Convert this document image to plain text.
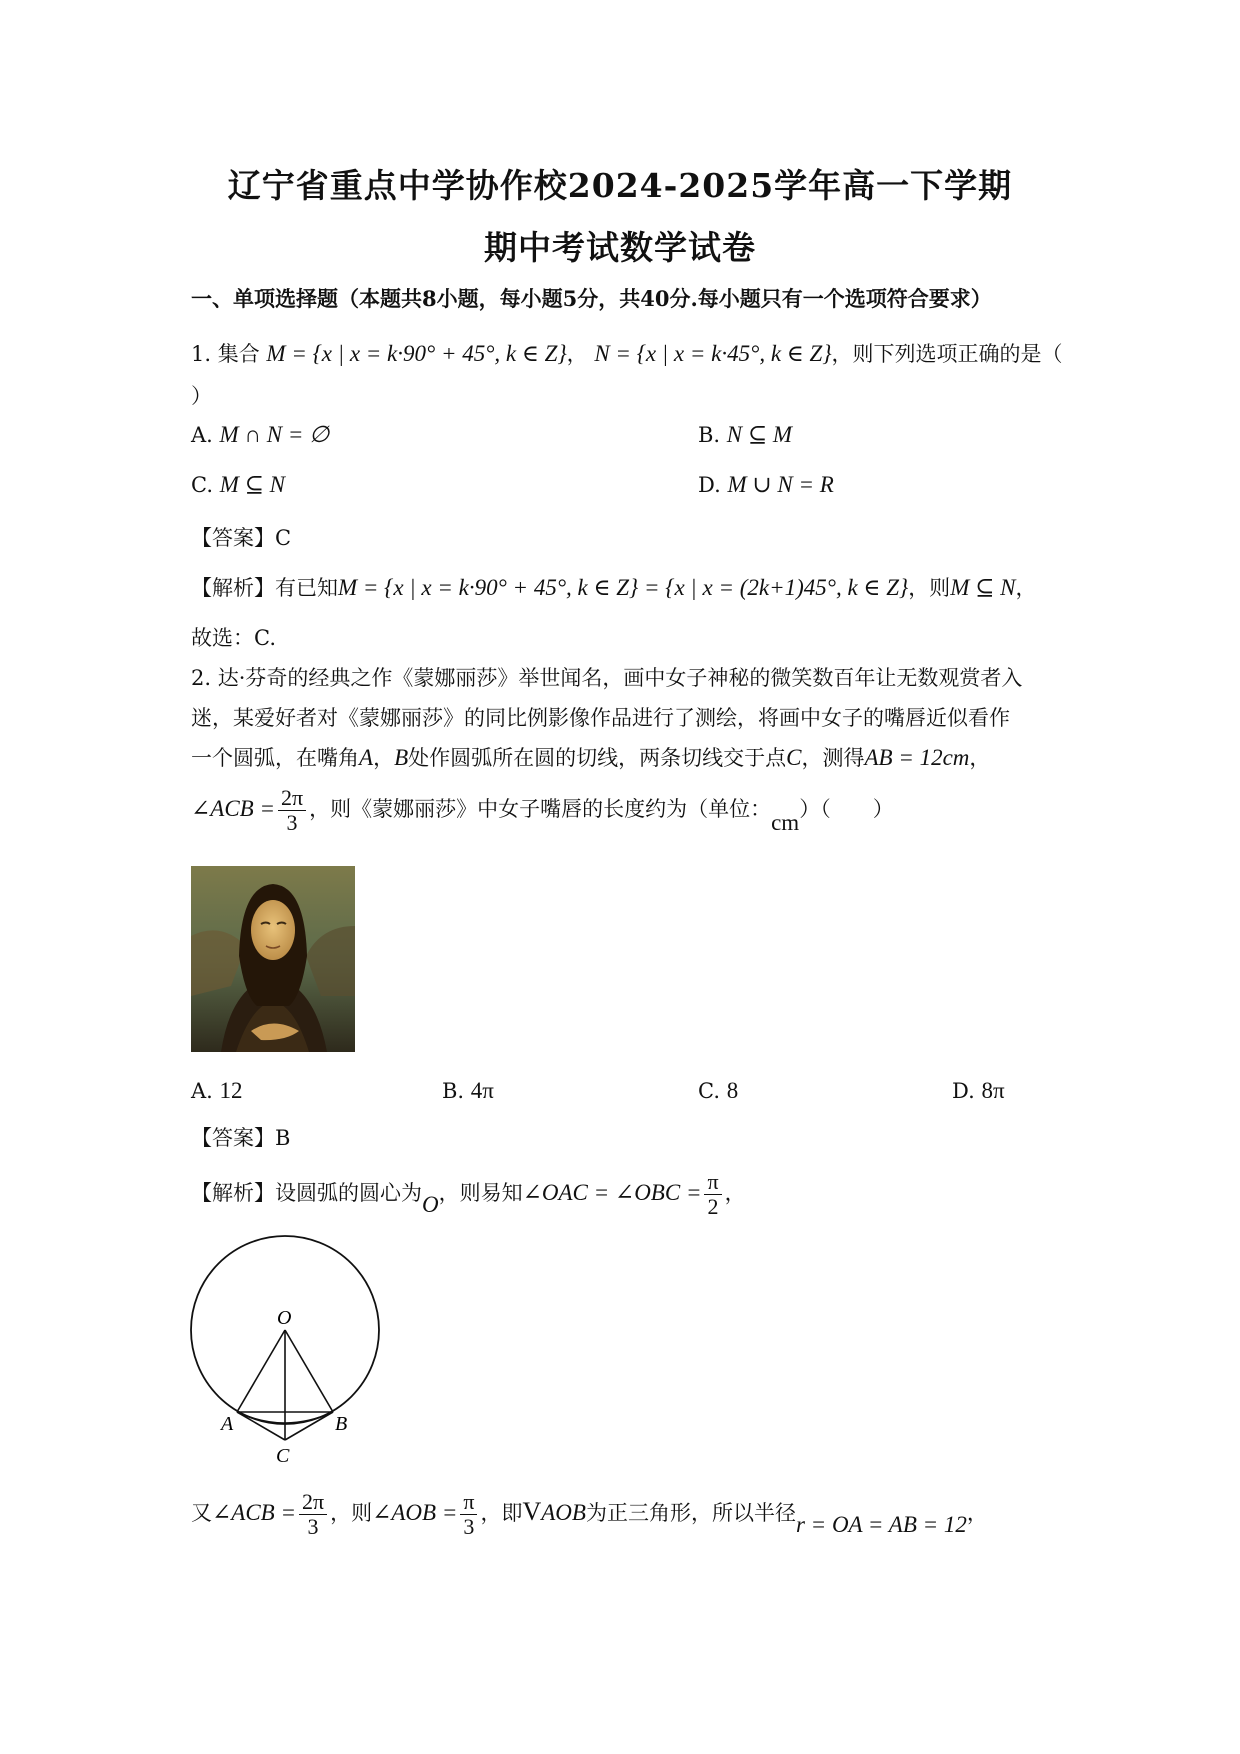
辽宁省重点中学协作校2024-2025学年高一下学期
期中考试数学试卷
一、单项选择题（本题共8小题，每小题5分，共40分.每小题只有一个选项符合要求）
1. 集合 M = {x | x = k·90° + 45°, k ∈ Z}， N = {x | x = k·45°, k ∈ Z}，则下列选项正确的是（
）
A. M ∩ N = ∅	B. N ⊆ M
C. M ⊆ N	D. M ∪ N = R
【答案】C
【解析】有已知M = {x | x = k·90° + 45°, k ∈ Z} = {x | x = (2k+1)45°, k ∈ Z}，则M ⊆ N，
故选：C.
2. 达·芬奇的经典之作《蒙娜丽莎》举世闻名，画中女子神秘的微笑数百年让无数观赏者入
迷，某爱好者对《蒙娜丽莎》的同比例影像作品进行了测绘，将画中女子的嘴唇近似看作
一个圆弧，在嘴角A，B处作圆弧所在圆的切线，两条切线交于点C，测得AB = 12cm，
∠ACB = $\frac{2\pi}{3}$ ，则《蒙娜丽莎》中女子嘴唇的长度约为（单位：cm）（　　）
A. 12	B. 4π	C. 8	D. 8π
【答案】B
【解析】设圆弧的圆心为O，则易知∠OAC = ∠OBC = $\frac{\pi}{2}$ ，
O
A	B
C
又∠ACB = $\frac{2\pi}{3}$ ，则∠AOB = $\frac{\pi}{3}$ ，即VAOB为正三角形，所以半径r = OA = AB = 12，
